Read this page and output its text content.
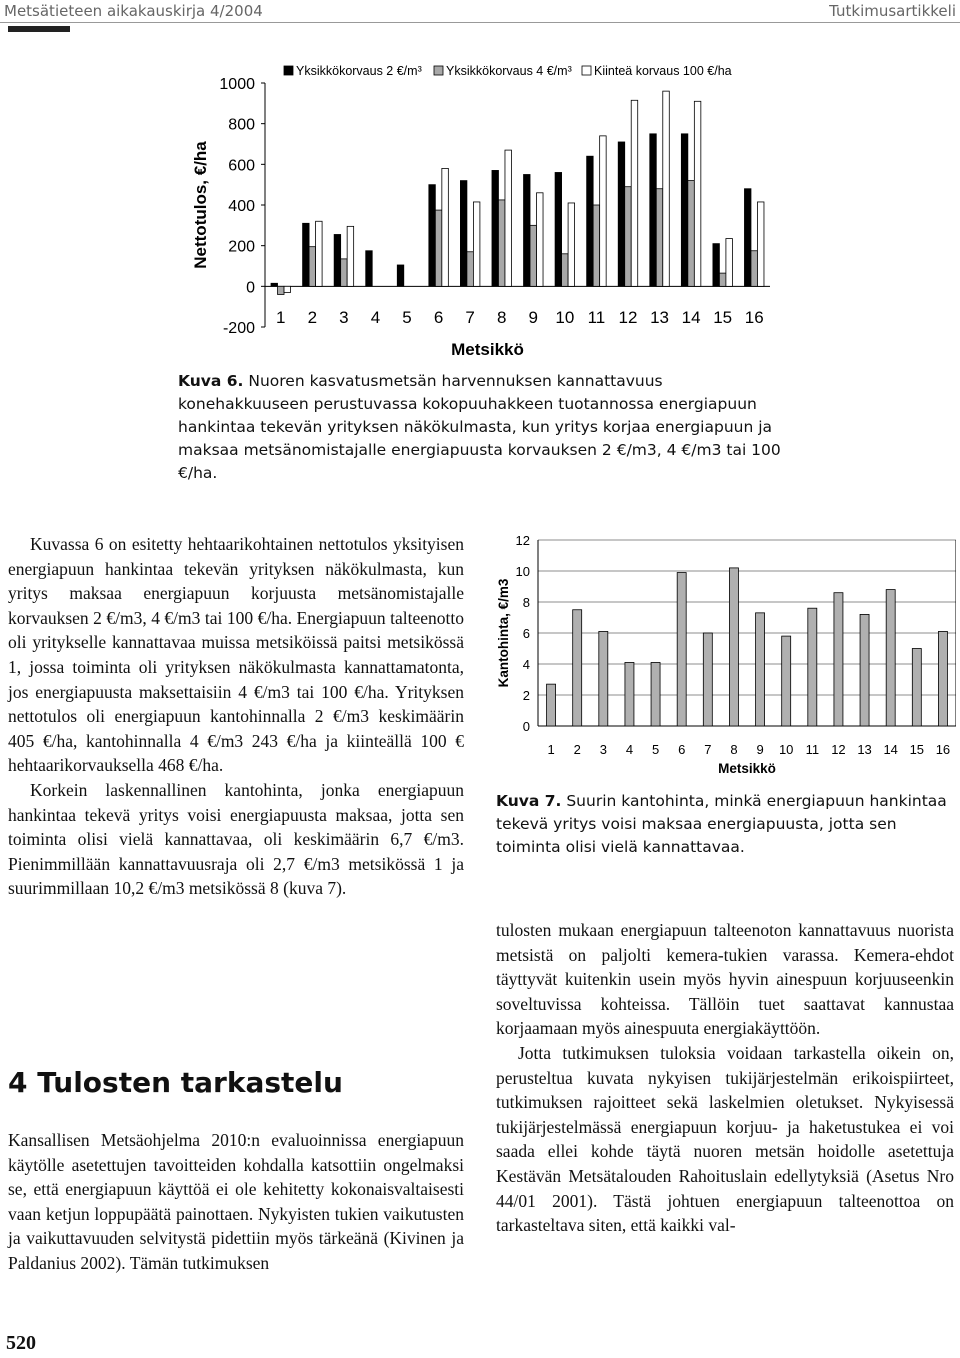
Metsätieteen aikakauskirja 4/2004	Tutkimusartikkeli
1000
800
600
400
200
0
-200
Nettotulos, €/ha
1 2 3 4 5 6 7 8 9 10 11 12 13 14 15 16
Metsikkö
Yksikkökorvaus 2 €/m³ Yksikkökorvaus 4 €/m³ Kiinteä korvaus 100 €/ha
Kuva 6. Nuoren kasvatusmetsän harvennuksen kannattavuus konehakkuuseen perustuvassa kokopuuhakkeen tuotannossa energiapuun hankintaa tekevän yrityksen näkökulmasta, kun yritys korjaa energiapuun ja maksaa metsänomistajalle energiapuusta korvauksen 2 €/m3, 4 €/m3 tai 100 €/ha.

Kuvassa 6 on esitetty hehtaarikohtainen nettotulos yksityisen energiapuun hankintaa tekevän yrityksen näkökulmasta, kun yritys maksaa energiapuun korjuusta metsänomistajalle korvauksen 2 €/m3, 4 €/m3 tai 100 €/ha. Energiapuun talteenotto oli yritykselle kannattavaa muissa metsiköissä paitsi metsikössä 1, jossa toiminta oli yrityksen näkökulmasta kannattamatonta, jos energiapuusta maksettaisiin 4 €/m3 tai 100 €/ha. Yrityksen nettotulos oli energiapuun kantohinnalla 2 €/m3 keskimäärin 405 €/ha, kantohinnalla 4 €/m3 243 €/ha ja kiinteällä 100 € hehtaarikorvauksella 468 €/ha.

Korkein laskennallinen kantohinta, jonka energiapuun hankintaa tekevä yritys voisi energiapuusta maksaa, jotta sen toiminta olisi vielä kannattavaa, oli keskimäärin 6,7 €/m3. Pienimmillään kannattavuusraja oli 2,7 €/m3 metsikössä 1 ja suurimmillaan 10,2 €/m3 metsikössä 8 (kuva 7).

4 Tulosten tarkastelu

Kansallisen Metsäohjelma 2010:n evaluoinnissa energiapuun käytölle asetettujen tavoitteiden kohdalla katsottiin ongelmaksi se, että energiapuun käyttöä ei ole kehitetty kokonaisvaltaisesti vaan ketjun loppupäätä painottaen. Nykyisten tukien vaikutusten ja vaikuttavuuden selvitystä pidettiin myös tärkeänä (Kivinen ja Paldanius 2002). Tämän tutkimuksen

12
10
8
6
4
2
0
Kantohinta, €/m3
1 2 3 4 5 6 7 8 9 10 11 12 13 14 15 16
Metsikkö
Kuva 7. Suurin kantohinta, minkä energiapuun hankintaa tekevä yritys voisi maksaa energiapuusta, jotta sen toiminta olisi vielä kannattavaa.

tulosten mukaan energiapuun talteenoton kannattavuus nuorista metsistä on paljolti kemera-tukien varassa. Kemera-ehdot täyttyvät kuitenkin usein myös hyvin ainespuun korjuuseenkin soveltuvissa kohteissa. Tällöin tuet saattavat kannustaa korjaamaan myös ainespuuta energiakäyttöön.

Jotta tutkimuksen tuloksia voidaan tarkastella oikein on, perusteltua kuvata nykyisen tukijärjestelmän erikoispiirteet, tutkimuksen rajoitteet sekä laskelmien oletukset. Nykyisessä tukijärjestelmässä energiapuun korjuu- ja haketustukea ei voi saada ellei kohde täytä nuoren metsän hoidolle asetettuja Kestävän Metsätalouden Rahoituslain edellytyksiä (Asetus Nro 44/01 2001). Tästä johtuen energiapuun talteenottoa on tarkasteltava siten, että kaikki val-

520
